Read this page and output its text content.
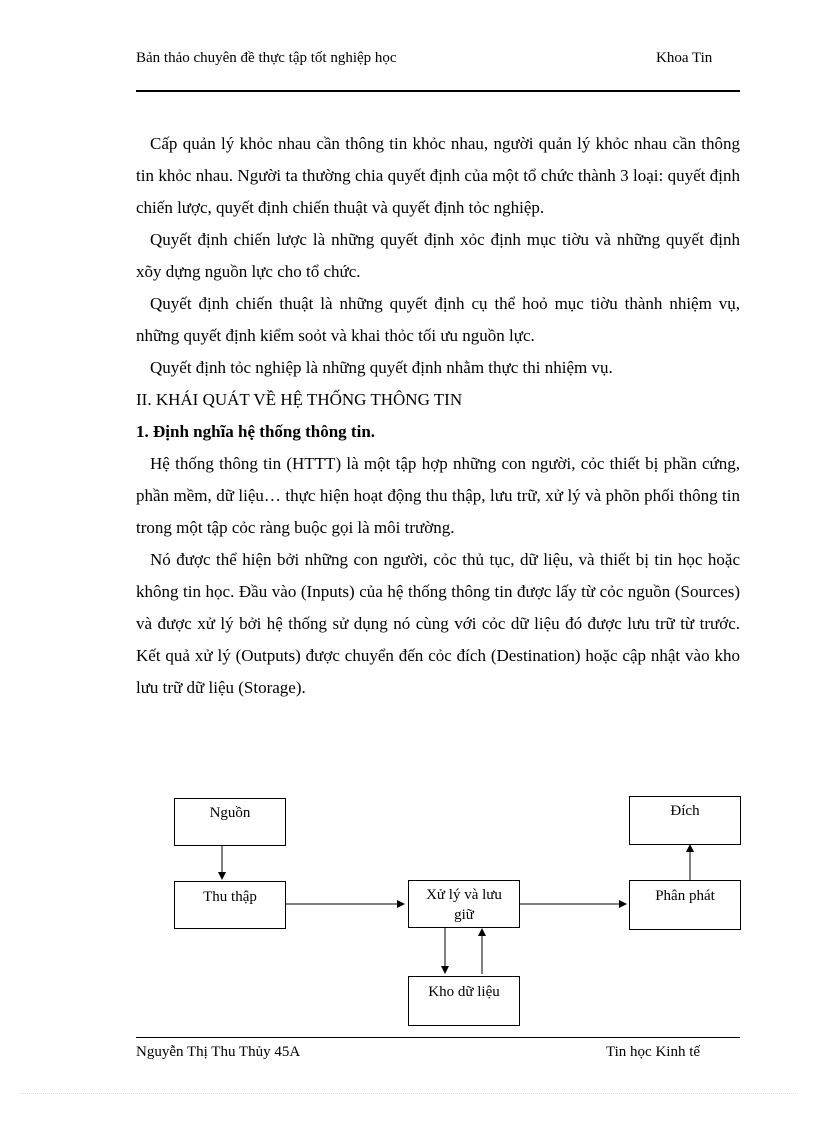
Bản thảo chuyên đề thực tập tốt nghiệp học	Khoa Tin

Cấp quản lý khỏc nhau cần thông tin khỏc nhau, người quản lý khỏc nhau cần thông tin khỏc nhau. Người ta thường chia quyết định của một tổ chức thành 3 loại: quyết định chiến lược, quyết định chiến thuật và quyết định tỏc nghiệp.

Quyết định chiến lược là những quyết định xỏc định mục tiờu và những quyết định xõy dựng nguồn lực cho tổ chức.

Quyết định chiến thuật là những quyết định cụ thể hoỏ mục tiờu thành nhiệm vụ, những quyết định kiểm soỏt và khai thỏc tối ưu nguồn lực.

Quyết định tỏc nghiệp là những quyết định nhằm thực thi nhiệm vụ.

II. KHÁI QUÁT VỀ HỆ THỐNG THÔNG TIN

1. Định nghĩa hệ thống thông tin.

Hệ thống thông tin (HTTT) là một tập hợp những con người, cỏc thiết bị phần cứng, phần mềm, dữ liệu… thực hiện hoạt động thu thập, lưu trữ, xử lý và phõn phối thông tin trong một tập cỏc ràng buộc gọi là môi trường.

Nó được thể hiện bởi những con người, cỏc thủ tục, dữ liệu, và thiết bị tin học hoặc không tin học. Đầu vào (Inputs) của hệ thống thông tin được lấy từ cỏc nguồn (Sources) và được xử lý bởi hệ thống sử dụng nó cùng với cỏc dữ liệu đó được lưu trữ từ trước. Kết quả xử lý (Outputs) được chuyển đến cỏc đích (Destination) hoặc cập nhật vào kho lưu trữ dữ liệu (Storage).

Nguồn
Thu thập	Xử lý và lưu giữ
Phân phát
Đích
Kho dữ liệu
Nguyễn Thị Thu Thủy 45A	Tin học Kinh tế
